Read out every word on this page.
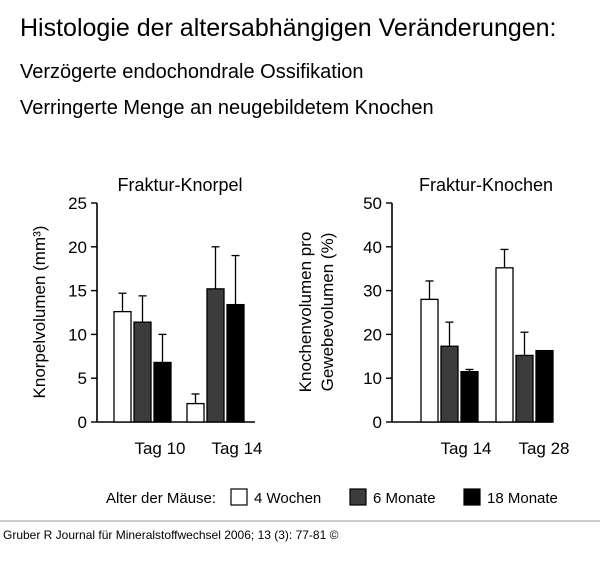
Histologie der altersabhängigen Veränderungen:
Verzögerte endochondrale Ossifikation
Verringerte Menge an neugebildetem Knochen
Fraktur-Knorpel
Knorpelvolumen (mm³)
0
5
10
15
20
25
Tag 10 Tag 14
Fraktur-Knochen
Knochenvolumen pro Gewebevolumen (%)
0
10
20
30
40
50
Tag 14 Tag 28
Alter der Mäuse:	4 Wochen	6 Monate	18 Monate
Gruber R Journal für Mineralstoffwechsel 2006; 13 (3): 77-81 ©
